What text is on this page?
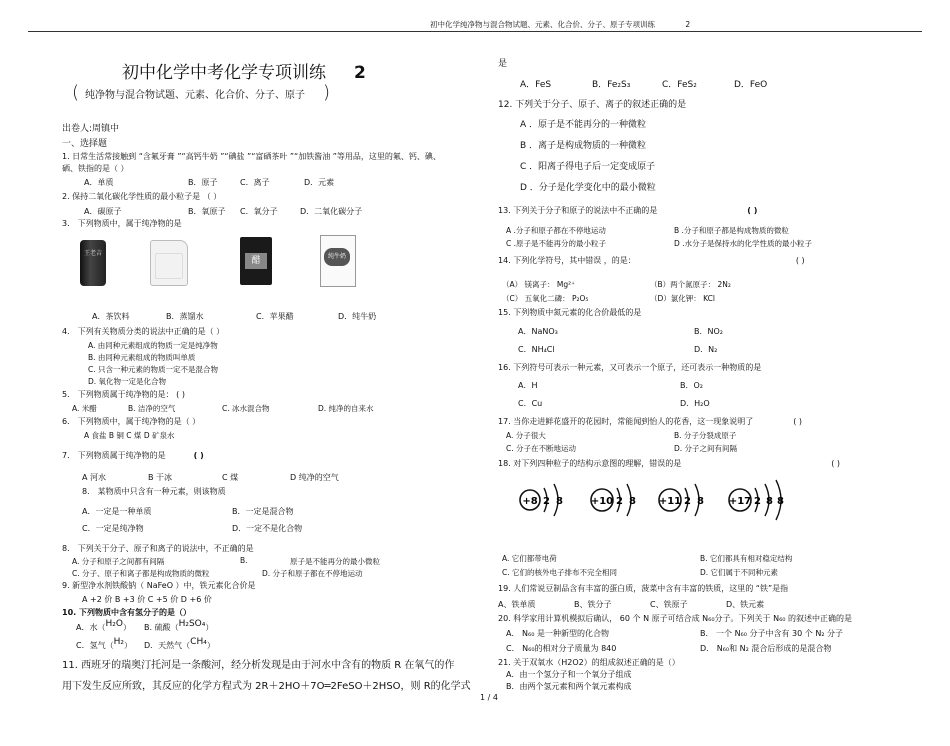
初中化学纯净物与混合物试题、元素、化合价、分子、原子专项训练	2
初中化学中考化学专项训练 2
( 纯净物与混合物试题、元素、化合价、分子、原子 )
出卷人:周镇中
一、选择题
1. 日常生活常接触到 “含氟牙膏 ”“高钙牛奶 ”“碘盐 ”“富硒茶叶 ”“加铁酱油 ”等用品，这里的氟、钙、碘、
硒、铁指的是（ ）
A．单质	B．原子	C．离子	D．元素
2. 保持二氧化碳化学性质的最小粒子是 （ ）
A．碳原子	B．氧原子 C．氧分子	D．二氧化碳分子
3． 下列物质中，属于纯净物的是
王老吉
醋	纯牛奶
A．茶饮料	B．蒸馏水	C．苹果醋	D．纯牛奶
4． 下列有关物质分类的说法中正确的是（ ）
A. 由同种元素组成的物质一定是纯净物
B. 由同种元素组成的物质叫单质
C. 只含一种元素的物质一定不是混合物
D. 氧化物一定是化合物
5． 下列物质属于纯净物的是： ( )
A. 米醋	B. 洁净的空气	C. 冰水混合物	D. 纯净的自来水
6． 下列物质中，属于纯净物的是（ ）
A 食盐 B 铜 C 煤 D 矿泉水
7． 下列物质属于纯净物的是	( )
A 河水	B 干冰	C 煤	D 纯净的空气
8． 某物质中只含有一种元素，则该物质
A．一定是一种单质	B．一定是混合物
C．一定是纯净物	D．一定不是化合物
8． 下列关于分子、原子和离子的说法中，不正确的是
A. 分子和原子之间都有间隔	B.	原子是不能再分的最小微粒
C. 分子、原子和离子都是构成物质的微粒	D. 分子和原子都在不停地运动
9. 新型净水剂铁酸钠（ NaFeO ）中，铁元素化合价是
A +2 价 B +3 价 C +5 价 D +6 价
10. 下列物质中含有氢分子的是（）
A．水（H₂O） B. 硫酸（H₂SO₄）
C．氢气（H₂） D．天然气（CH₄）
11. 西班牙的瑞奥汀托河是一条酸河，经分析发现是由于河水中含有的物质 R 在氧气的作
用下发生反应所致，其反应的化学方程式为 2R＋2HO＋7O═2FeSO＋2HSO，则 R的化学式
是
A．FeS	B．Fe₂S₃	C．FeS₂	D．FeO
12. 下列关于分子、原子、离子的叙述正确的是
A ．原子是不能再分的一种微粒
B ．离子是构成物质的一种微粒
C ．阳离子得电子后一定变成原子
D ．分子是化学变化中的最小微粒
13. 下列关于分子和原子的说法中不正确的是	( )
A .分子和原子都在不停地运动	B .分子和原子都是构成物质的微粒
C .原子是不能再分的最小粒子	D .水分子是保持水的化学性质的最小粒子
14. 下列化学符号，其中错误 ，的是：	( )
（A） 镁离子： Mg²⁺	（B）两个氮原子： 2N₂
（C） 五氧化二磷： P₂O₅	（D）氯化钾： KCl
15. 下列物质中氮元素的化合价最低的是
A．NaNO₃	B．NO₂
C．NH₄Cl	D．N₂
16. 下列符号可表示一种元素，又可表示一个原子，还可表示一种物质的是
A．H	B．O₂
C．Cu	D．H₂O
17. 当你走进鲜花盛开的花园时，常能闻到怡人的花香，这一现象说明了	( )
A. 分子很大	B. 分子分裂成原子
C. 分子在不断地运动	D. 分子之间有间隔
18. 对下列四种粒子的结构示意图的理解，错误的是	( )
+8 2 8	+10 2 8 +11 2 8 +17 2 8 8
A. 它们都带电荷	B. 它们都具有相对稳定结构
C. 它们的核外电子排布不完全相同	D. 它们属于不同种元素
19. 人们常说豆制品含有丰富的蛋白质，菠菜中含有丰富的铁质，这里的 “铁”是指
A、铁单质	B、铁分子	C、铁原子	D、铁元素
20. 科学家用计算机模拟后确认， 60 个 N 原子可结合成 N₆₀分子。下列关于 N₆₀ 的叙述中正确的是
A． N₆₀ 是一种新型的化合物	B． 一个 N₆₀ 分子中含有 30 个 N₂ 分子
C． N₆₀的相对分子质量为 840	D． N₆₀和 N₂ 混合后形成的是混合物
21. 关于双氧水（H2O2）的组成叙述正确的是（）
A．由一个氢分子和一个氧分子组成
B．由两个氢元素和两个氧元素构成
1 / 4
